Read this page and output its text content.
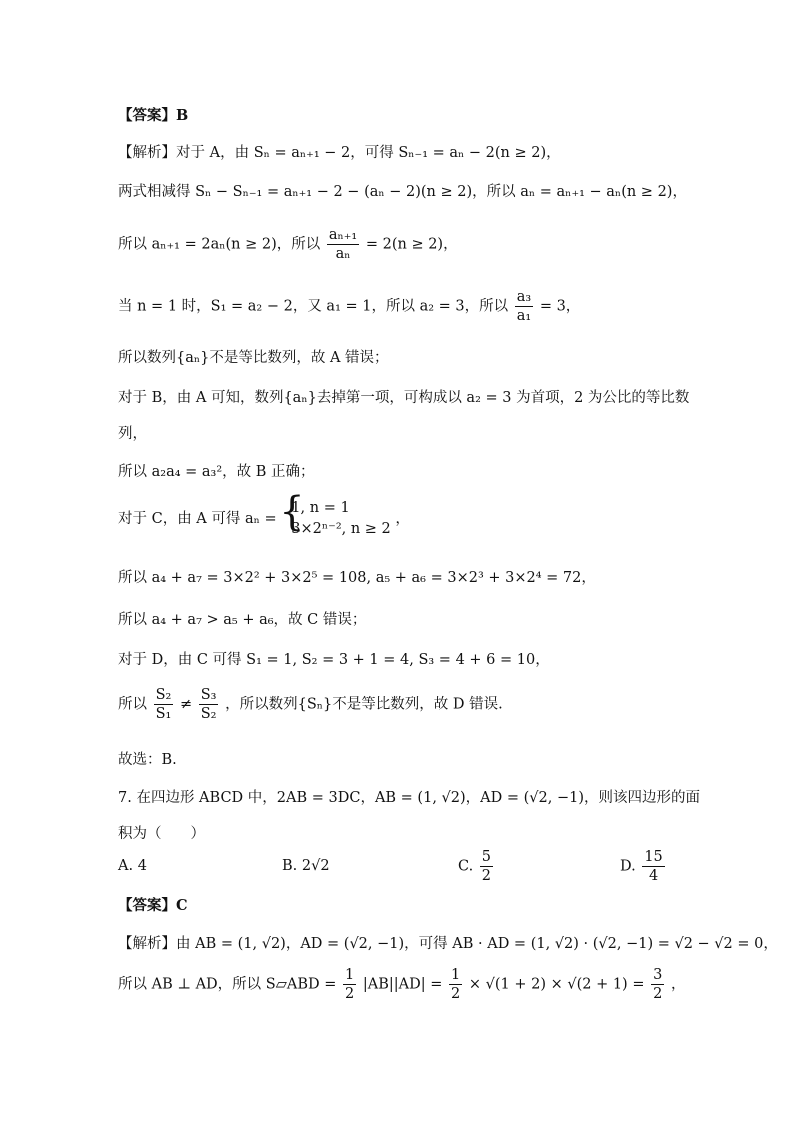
【答案】B
【解析】对于 A，由 Sₙ = aₙ₊₁ − 2，可得 Sₙ₋₁ = aₙ − 2(n ≥ 2)，
两式相减得 Sₙ − Sₙ₋₁ = aₙ₊₁ − 2 − (aₙ − 2)(n ≥ 2)，所以 aₙ = aₙ₊₁ − aₙ(n ≥ 2)，
所以 aₙ₊₁ = 2aₙ(n ≥ 2)，所以 $\frac{\text{aₙ₊₁}}{\text{aₙ}} = 2(n \ge 2)$，
当 n = 1 时，S₁ = a₂ − 2，又 a₁ = 1，所以 a₂ = 3，所以 $\frac{\text{a₃}}{\text{a₁}} = 3$，
所以数列{aₙ}不是等比数列，故 A 错误；
对于 B，由 A 可知，数列{aₙ}去掉第一项，可构成以 a₂ = 3 为首项，2 为公比的等比数
列，
所以 a₂a₄ = a₃²，故 B 正确；
对于 C，由 A 可得 aₙ =
{ 1, n = 1
3×2ⁿ⁻², n ≥ 2
，
所以 a₄ + a₇ = 3×2² + 3×2⁵ = 108, a₅ + a₆ = 3×2³ + 3×2⁴ = 72，
所以 a₄ + a₇ > a₅ + a₆，故 C 错误；
对于 D，由 C 可得 S₁ = 1, S₂ = 3 + 1 = 4, S₃ = 4 + 6 = 10，
所以 $\frac{\text{S₂}}{\text{S₁}} \ne \frac{\text{S₃}}{\text{S₂}}$ ，所以数列{Sₙ}不是等比数列，故 D 错误.
故选：B.
7. 在四边形 ABCD 中，2AB = 3DC，AB = (1, √2)，AD = (√2, −1)，则该四边形的面
积为（　　）
A. 4	B. 2√2	C. $\frac{5}{2}$	D. $\frac{15}{4}$
【答案】C
【解析】由 AB = (1, √2)，AD = (√2, −1)，可得 AB · AD = (1, √2) · (√2, −1) = √2 − √2 = 0，
所以 AB ⊥ AD，所以 S▱ABD = $\frac{1}{2} |AB||AD| = \frac{1}{2} \times √(1 + 2) \times √(2 + 1) = \frac{3}{2}$ ，
